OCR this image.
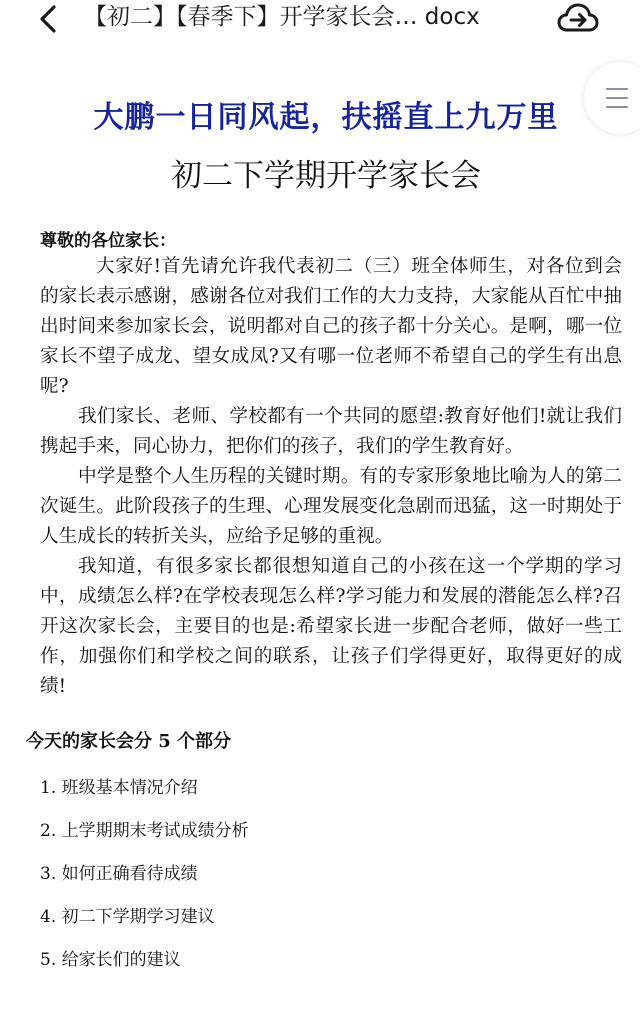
【初二】【春季下】开学家长会… docx
大鹏一日同风起，扶摇直上九万里
初二下学期开学家长会
尊敬的各位家长：

大家好!首先请允许我代表初二（三）班全体师生，对各位到会的家长表示感谢，感谢各位对我们工作的大力支持，大家能从百忙中抽出时间来参加家长会，说明都对自己的孩子都十分关心。是啊，哪一位家长不望子成龙、望女成凤?又有哪一位老师不希望自己的学生有出息呢?

我们家长、老师、学校都有一个共同的愿望:教育好他们!就让我们携起手来，同心协力，把你们的孩子，我们的学生教育好。

中学是整个人生历程的关键时期。有的专家形象地比喻为人的第二次诞生。此阶段孩子的生理、心理发展变化急剧而迅猛，这一时期处于人生成长的转折关头，应给予足够的重视。

我知道，有很多家长都很想知道自己的小孩在这一个学期的学习中，成绩怎么样?在学校表现怎么样?学习能力和发展的潜能怎么样?召开这次家长会，主要目的也是:希望家长进一步配合老师，做好一些工作，加强你们和学校之间的联系，让孩子们学得更好，取得更好的成绩!

今天的家长会分 5 个部分
1. 班级基本情况介绍
2. 上学期期末考试成绩分析
3. 如何正确看待成绩
4. 初二下学期学习建议
5. 给家长们的建议
